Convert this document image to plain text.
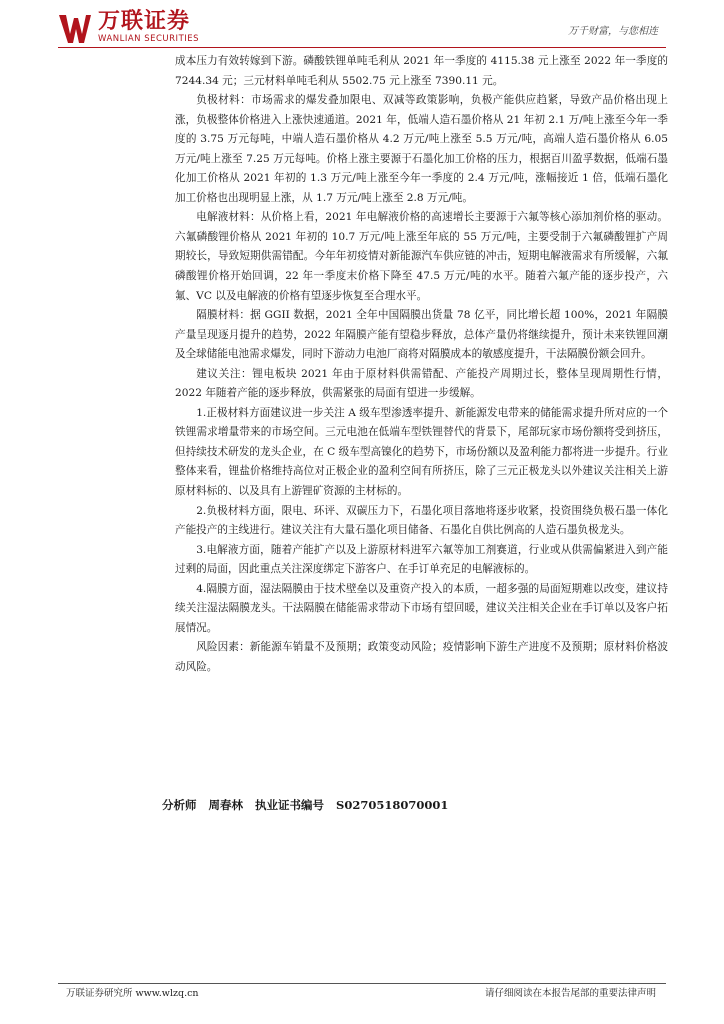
万联证券
WANLIAN SECURITIES
万千财富，与您相连

成本压力有效转嫁到下游。磷酸铁锂单吨毛利从 2021 年一季度的 4115.38 元上涨至 2022 年一季度的 7244.34 元；三元材料单吨毛利从 5502.75 元上涨至 7390.11 元。

负极材料：市场需求的爆发叠加限电、双减等政策影响，负极产能供应趋紧，导致产品价格出现上涨，负极整体价格进入上涨快速通道。2021 年，低端人造石墨价格从 21 年初 2.1 万/吨上涨至今年一季度的 3.75 万元每吨，中端人造石墨价格从 4.2 万元/吨上涨至 5.5 万元/吨，高端人造石墨价格从 6.05 万元/吨上涨至 7.25 万元每吨。价格上涨主要源于石墨化加工价格的压力，根据百川盈孚数据，低端石墨化加工价格从 2021 年初的 1.3 万元/吨上涨至今年一季度的 2.4 万元/吨，涨幅接近 1 倍，低端石墨化加工价格也出现明显上涨，从 1.7 万元/吨上涨至 2.8 万元/吨。

电解液材料：从价格上看，2021 年电解液价格的高速增长主要源于六氟等核心添加剂价格的驱动。六氟磷酸锂价格从 2021 年初的 10.7 万元/吨上涨至年底的 55 万元/吨，主要受制于六氟磷酸锂扩产周期较长，导致短期供需错配。今年年初疫情对新能源汽车供应链的冲击，短期电解液需求有所缓解，六氟磷酸锂价格开始回调，22 年一季度末价格下降至 47.5 万元/吨的水平。随着六氟产能的逐步投产，六氟、VC 以及电解液的价格有望逐步恢复至合理水平。

隔膜材料：据 GGII 数据，2021 全年中国隔膜出货量 78 亿平，同比增长超 100%，2021 年隔膜产量呈现逐月提升的趋势，2022 年隔膜产能有望稳步释放，总体产量仍将继续提升，预计未来铁锂回潮及全球储能电池需求爆发，同时下游动力电池厂商将对隔膜成本的敏感度提升，干法隔膜份额会回升。

建议关注：锂电板块 2021 年由于原材料供需错配、产能投产周期过长，整体呈现周期性行情，2022 年随着产能的逐步释放，供需紧张的局面有望进一步缓解。

1.正极材料方面建议进一步关注 A 级车型渗透率提升、新能源发电带来的储能需求提升所对应的一个铁锂需求增量带来的市场空间。三元电池在低端车型铁锂替代的背景下，尾部玩家市场份额将受到挤压，但持续技术研发的龙头企业，在 C 级车型高镍化的趋势下，市场份额以及盈利能力都将进一步提升。行业整体来看，锂盐价格维持高位对正极企业的盈利空间有所挤压，除了三元正极龙头以外建议关注相关上游原材料标的、以及具有上游锂矿资源的主材标的。

2.负极材料方面，限电、环评、双碳压力下，石墨化项目落地将逐步收紧，投资围绕负极石墨一体化产能投产的主线进行。建议关注有大量石墨化项目储备、石墨化自供比例高的人造石墨负极龙头。

3.电解液方面，随着产能扩产以及上游原材料进军六氟等加工剂赛道，行业或从供需偏紧进入到产能过剩的局面，因此重点关注深度绑定下游客户、在手订单充足的电解液标的。

4.隔膜方面，湿法隔膜由于技术壁垒以及重资产投入的本质，一超多强的局面短期难以改变，建议持续关注湿法隔膜龙头。干法隔膜在储能需求带动下市场有望回暖，建议关注相关企业在手订单以及客户拓展情况。

风险因素：新能源车销量不及预期；政策变动风险；疫情影响下游生产进度不及预期；原材料价格波动风险。

分析师   周春林   执业证书编号   S0270518070001
万联证券研究所 www.wlzq.cn	请仔细阅读在本报告尾部的重要法律声明
